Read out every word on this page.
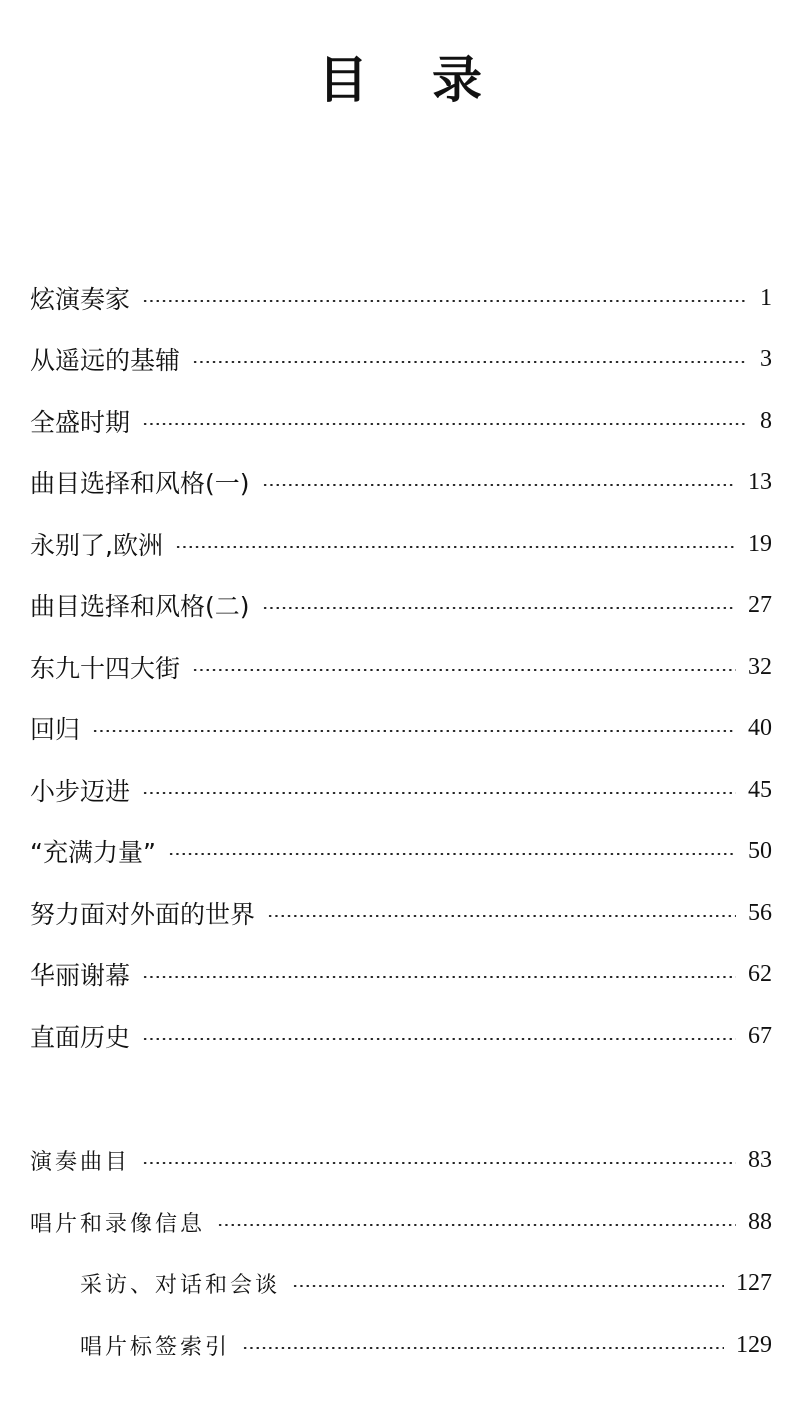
目 录
炫演奏家	1
从遥远的基辅	3
全盛时期	8
曲目选择和风格(一)	13
永别了,欧洲	19
曲目选择和风格(二)	27
东九十四大街	32
回归	40
小步迈进	45
“充满力量”	50
努力面对外面的世界	56
华丽谢幕	62
直面历史	67
演奏曲目	83
唱片和录像信息	88
采访、对话和会谈	127
唱片标签索引	129
